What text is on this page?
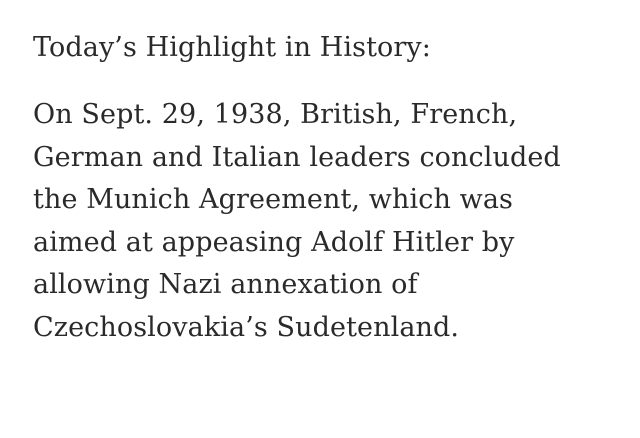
Today’s Highlight in History:

On Sept. 29, 1938, British, French,
German and Italian leaders concluded
the Munich Agreement, which was
aimed at appeasing Adolf Hitler by
allowing Nazi annexation of
Czechoslovakia’s Sudetenland.
